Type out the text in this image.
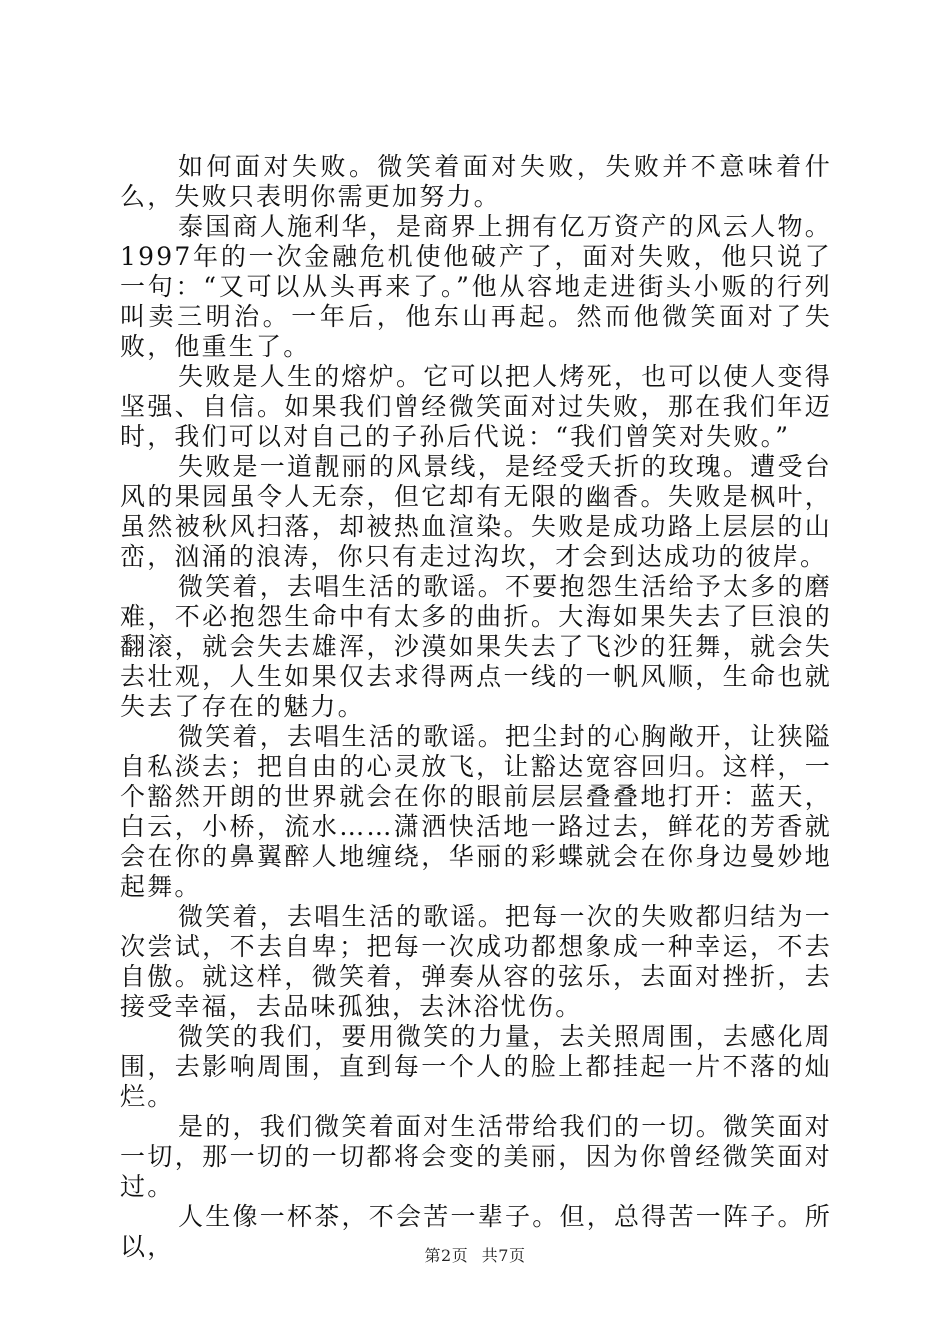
如何面对失败。微笑着面对失败，失败并不意味着什么，失败只表明你需更加努力。

泰国商人施利华，是商界上拥有亿万资产的风云人物。1997年的一次金融危机使他破产了，面对失败，他只说了一句：“又可以从头再来了。”他从容地走进街头小贩的行列叫卖三明治。一年后，他东山再起。然而他微笑面对了失败，他重生了。

失败是人生的熔炉。它可以把人烤死，也可以使人变得坚强、自信。如果我们曾经微笑面对过失败，那在我们年迈时，我们可以对自己的子孙后代说：“我们曾笑对失败。”

失败是一道靓丽的风景线，是经受夭折的玫瑰。遭受台风的果园虽令人无奈，但它却有无限的幽香。失败是枫叶，虽然被秋风扫落，却被热血渲染。失败是成功路上层层的山峦，汹涌的浪涛，你只有走过沟坎，才会到达成功的彼岸。

微笑着，去唱生活的歌谣。不要抱怨生活给予太多的磨难，不必抱怨生命中有太多的曲折。大海如果失去了巨浪的翻滚，就会失去雄浑，沙漠如果失去了飞沙的狂舞，就会失去壮观，人生如果仅去求得两点一线的一帆风顺，生命也就失去了存在的魅力。

微笑着，去唱生活的歌谣。把尘封的心胸敞开，让狭隘自私淡去；把自由的心灵放飞，让豁达宽容回归。这样，一个豁然开朗的世界就会在你的眼前层层叠叠地打开：蓝天，白云，小桥，流水……潇洒快活地一路过去，鲜花的芳香就会在你的鼻翼醉人地缠绕，华丽的彩蝶就会在你身边曼妙地起舞。

微笑着，去唱生活的歌谣。把每一次的失败都归结为一次尝试，不去自卑；把每一次成功都想象成一种幸运，不去自傲。就这样，微笑着，弹奏从容的弦乐，去面对挫折，去接受幸福，去品味孤独，去沐浴忧伤。

微笑的我们，要用微笑的力量，去关照周围，去感化周围，去影响周围，直到每一个人的脸上都挂起一片不落的灿烂。

是的，我们微笑着面对生活带给我们的一切。微笑面对一切，那一切的一切都将会变的美丽，因为你曾经微笑面对过。

人生像一杯茶，不会苦一辈子。但，总得苦一阵子。所以，	第2页 共7页
